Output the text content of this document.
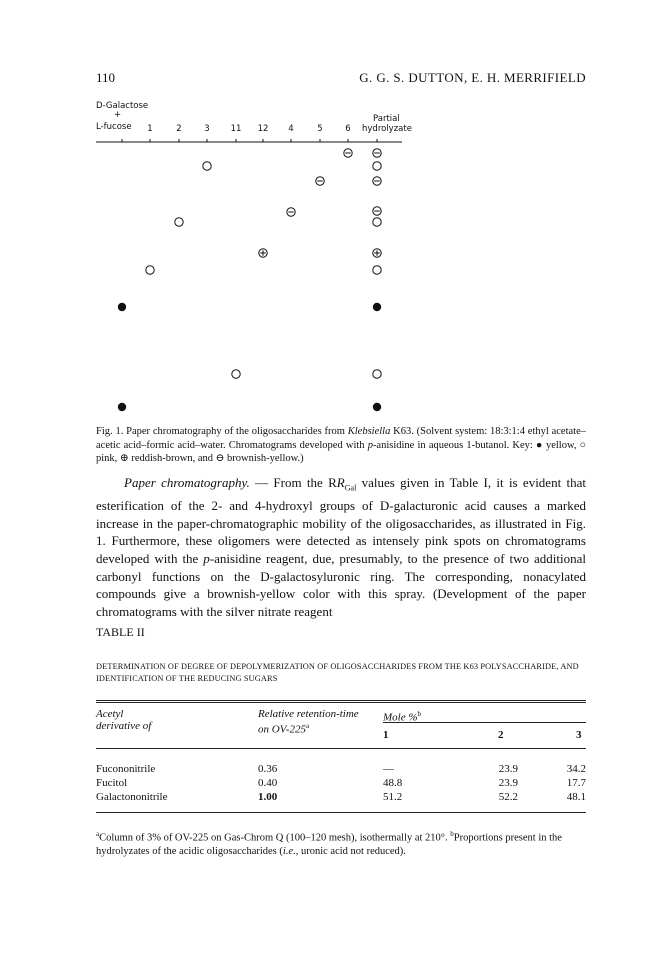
110	G. G. S. DUTTON, E. H. MERRIFIELD
D-Galactose
+
L-fucose
Partial
hydrolyzate
1	2	3 11 12 4	5	6
Fig. 1. Paper chromatography of the oligosaccharides from Klebsiella K63. (Solvent system: 18:3:1:4 ethyl acetate–acetic acid–formic acid–water. Chromatograms developed with p-anisidine in aqueous 1-butanol. Key: ● yellow, ○ pink, ⊕ reddish-brown, and ⊖ brownish-yellow.)

Paper chromatography. — From the $RR_{Gal}$ values given in Table I, it is evident that esterification of the 2- and 4-hydroxyl groups of D-galacturonic acid causes a marked increase in the paper-chromatographic mobility of the oligosaccharides, as illustrated in Fig. 1. Furthermore, these oligomers were detected as intensely pink spots on chromatograms developed with the p-anisidine reagent, due, presumably, to the presence of two additional carbonyl functions on the D-galactosyluronic ring. The corresponding, nonacylated compounds give a brownish-yellow color with this spray. (Development of the paper chromatograms with the silver nitrate reagent

TABLE II
DETERMINATION OF DEGREE OF DEPOLYMERIZATION OF OLIGOSACCHARIDES FROM THE K63 POLYSACCHARIDE, AND IDENTIFICATION OF THE REDUCING SUGARS
Acetyl
derivative of
Relative retention-time
on OV-225$^a$
Mole %$^b$
1	2	3
Fucononitrile	0.36	—	23.9	34.2
Fucitol	0.40	48.8	23.9	17.7
Galactononitrile	1.00	51.2	52.2	48.1
$^a$Column of 3% of OV-225 on Gas-Chrom Q (100–120 mesh), isothermally at 210°. $^b$Proportions present in the hydrolyzates of the acidic oligosaccharides (i.e., uronic acid not reduced).
